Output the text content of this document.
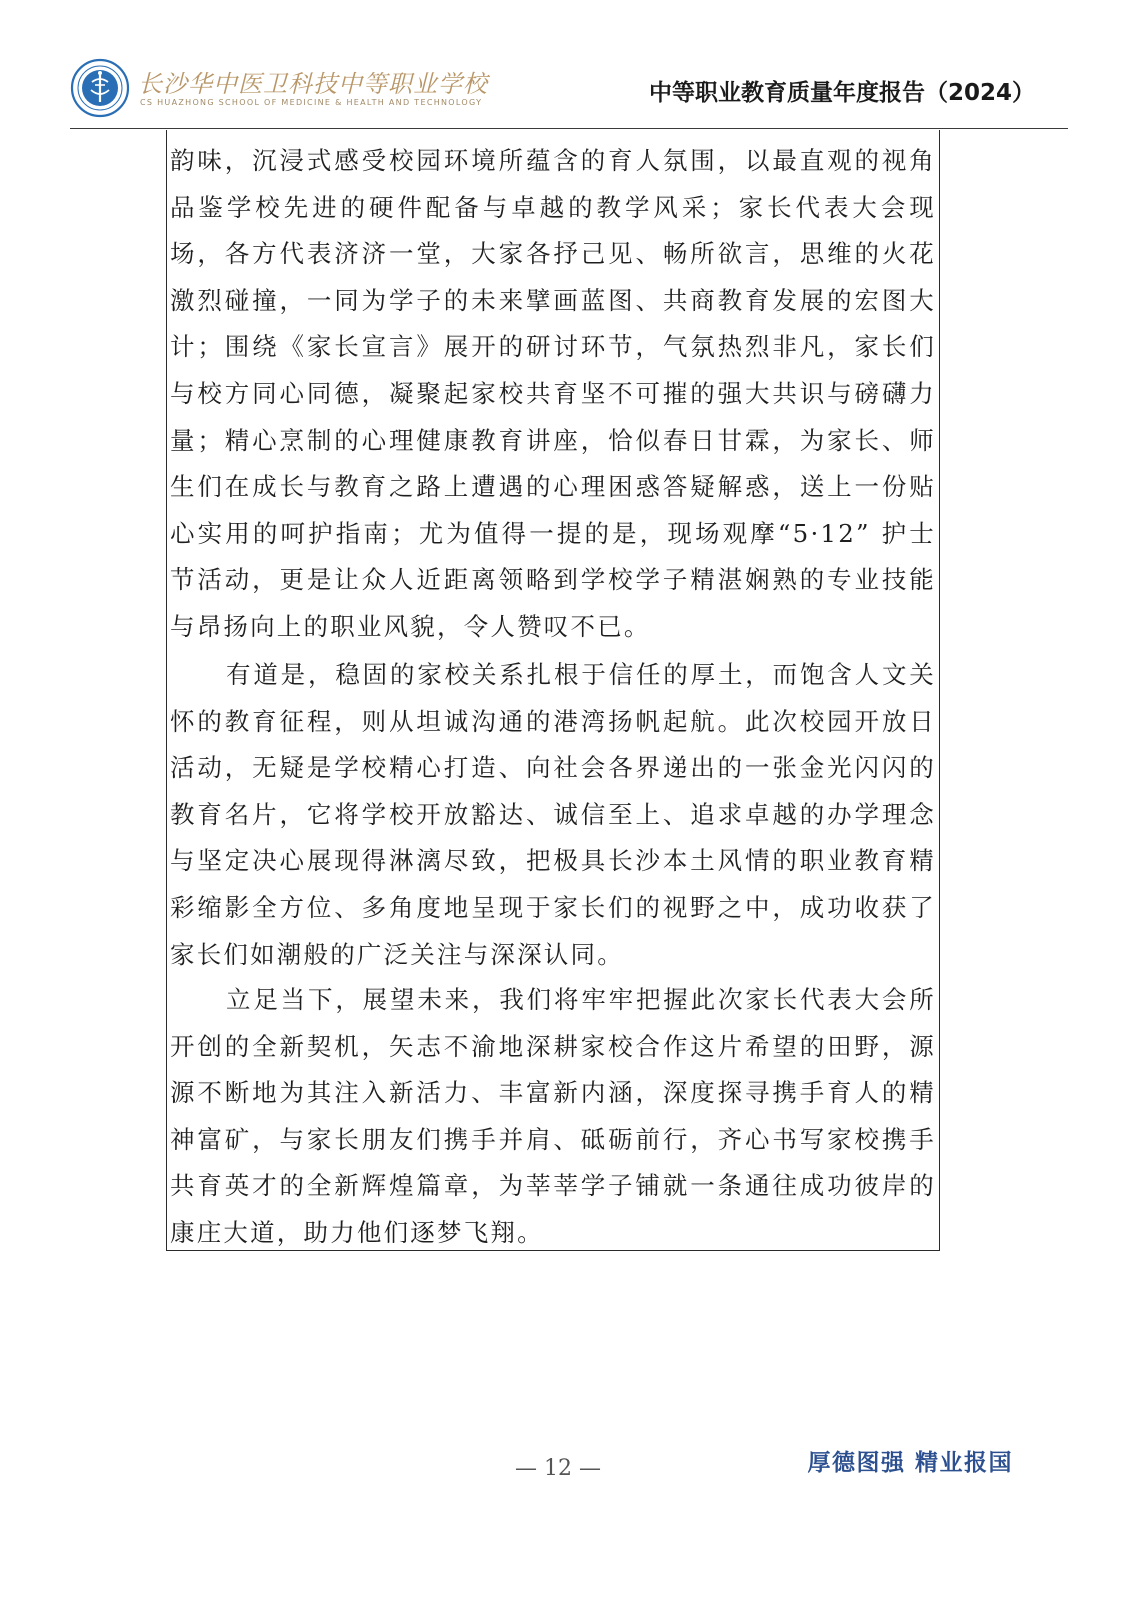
长沙华中医卫科技中等职业学校
CS HUAZHONG SCHOOL OF MEDICINE & HEALTH AND TECHNOLOGY	中等职业教育质量年度报告（2024）

韵味，沉浸式感受校园环境所蕴含的育人氛围，以最直观的视角品鉴学校先进的硬件配备与卓越的教学风采；家长代表大会现场，各方代表济济一堂，大家各抒己见、畅所欲言，思维的火花激烈碰撞，一同为学子的未来擘画蓝图、共商教育发展的宏图大计；围绕《家长宣言》展开的研讨环节，气氛热烈非凡，家长们与校方同心同德，凝聚起家校共育坚不可摧的强大共识与磅礴力量；精心烹制的心理健康教育讲座，恰似春日甘霖，为家长、师生们在成长与教育之路上遭遇的心理困惑答疑解惑，送上一份贴心实用的呵护指南；尤为值得一提的是，现场观摩“5·12” 护士节活动，更是让众人近距离领略到学校学子精湛娴熟的专业技能与昂扬向上的职业风貌，令人赞叹不已。

有道是，稳固的家校关系扎根于信任的厚土，而饱含人文关怀的教育征程，则从坦诚沟通的港湾扬帆起航。此次校园开放日活动，无疑是学校精心打造、向社会各界递出的一张金光闪闪的教育名片，它将学校开放豁达、诚信至上、追求卓越的办学理念与坚定决心展现得淋漓尽致，把极具长沙本土风情的职业教育精彩缩影全方位、多角度地呈现于家长们的视野之中，成功收获了家长们如潮般的广泛关注与深深认同。

立足当下，展望未来，我们将牢牢把握此次家长代表大会所开创的全新契机，矢志不渝地深耕家校合作这片希望的田野，源源不断地为其注入新活力、丰富新内涵，深度探寻携手育人的精神富矿，与家长朋友们携手并肩、砥砺前行，齐心书写家校携手共育英才的全新辉煌篇章，为莘莘学子铺就一条通往成功彼岸的康庄大道，助力他们逐梦飞翔。

— 12 —	厚德图强 精业报国
